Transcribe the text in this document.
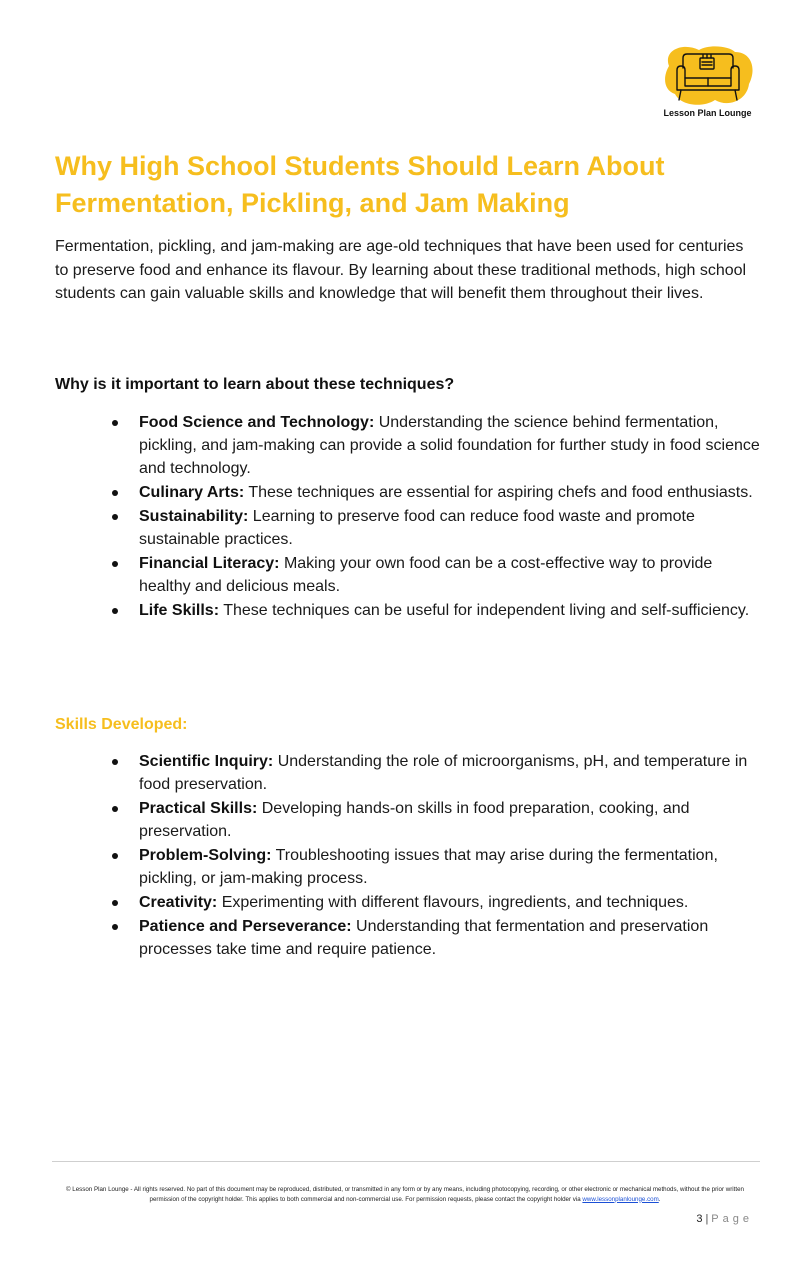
Lesson Plan Lounge
Why High School Students Should Learn About Fermentation, Pickling, and Jam Making

Fermentation, pickling, and jam-making are age-old techniques that have been used for centuries to preserve food and enhance its flavour. By learning about these traditional methods, high school students can gain valuable skills and knowledge that will benefit them throughout their lives.

Why is it important to learn about these techniques?
Food Science and Technology: Understanding the science behind fermentation, pickling, and jam-making can provide a solid foundation for further study in food science and technology.
Culinary Arts: These techniques are essential for aspiring chefs and food enthusiasts.
Sustainability: Learning to preserve food can reduce food waste and promote sustainable practices.
Financial Literacy: Making your own food can be a cost-effective way to provide healthy and delicious meals.
Life Skills: These techniques can be useful for independent living and self-sufficiency.
Skills Developed:
Scientific Inquiry: Understanding the role of microorganisms, pH, and temperature in food preservation.
Practical Skills: Developing hands-on skills in food preparation, cooking, and preservation.
Problem-Solving: Troubleshooting issues that may arise during the fermentation, pickling, or jam-making process.
Creativity: Experimenting with different flavours, ingredients, and techniques.
Patience and Perseverance: Understanding that fermentation and preservation processes take time and require patience.

© Lesson Plan Lounge - All rights reserved. No part of this document may be reproduced, distributed, or transmitted in any form or by any means, including photocopying, recording, or other electronic or mechanical methods, without the prior written permission of the copyright holder. This applies to both commercial and non-commercial use. For permission requests, please contact the copyright holder via www.lessonplanlounge.com.

3 | Page
